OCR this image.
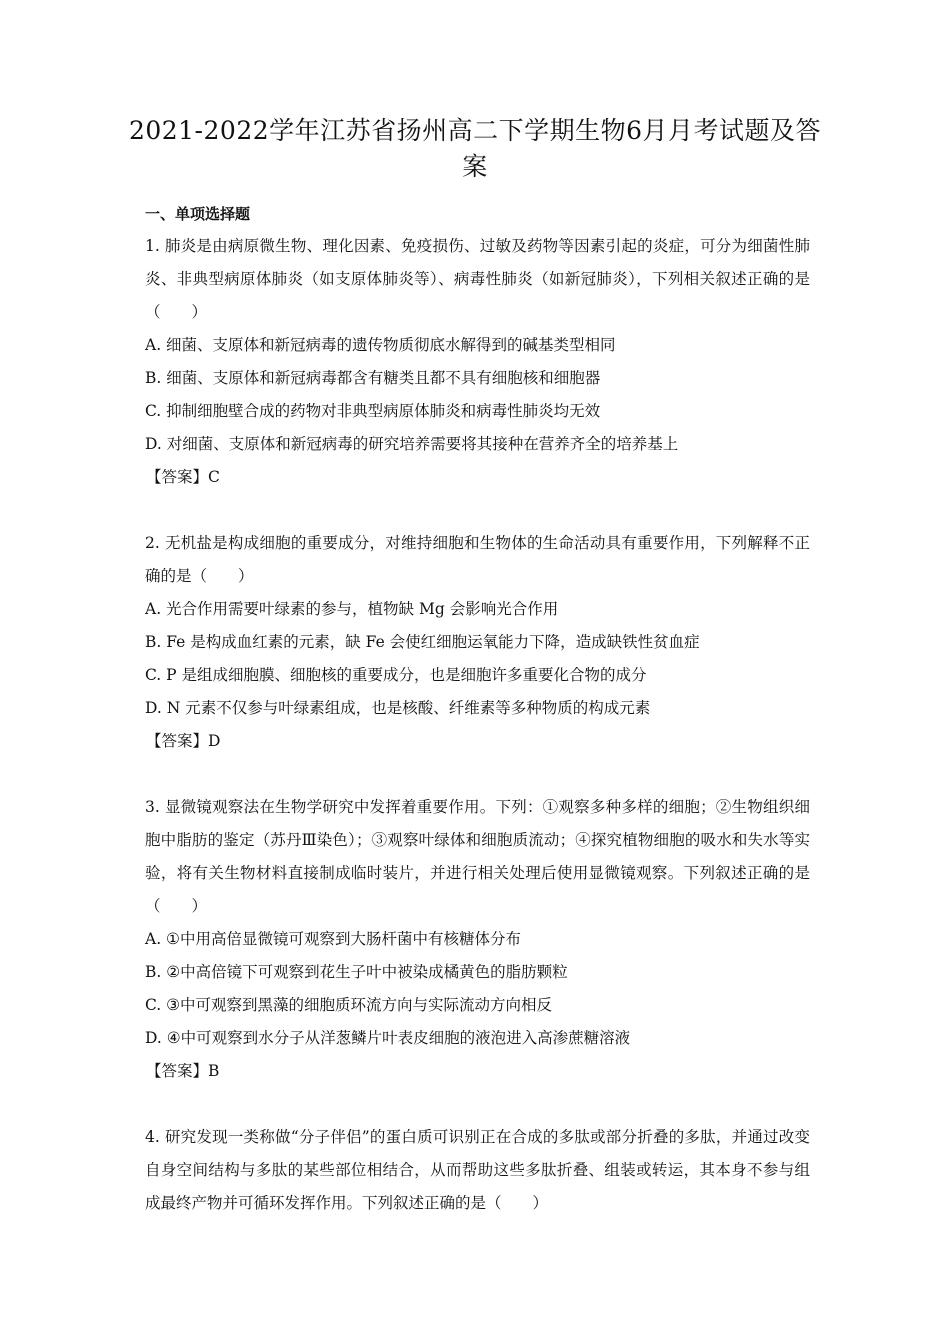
2021-2022学年江苏省扬州高二下学期生物6月月考试题及答案
一、单项选择题

1. 肺炎是由病原微生物、理化因素、免疫损伤、过敏及药物等因素引起的炎症，可分为细菌性肺炎、非典型病原体肺炎（如支原体肺炎等）、病毒性肺炎（如新冠肺炎），下列相关叙述正确的是（　　）

A. 细菌、支原体和新冠病毒的遗传物质彻底水解得到的碱基类型相同

B. 细菌、支原体和新冠病毒都含有糖类且都不具有细胞核和细胞器

C. 抑制细胞壁合成的药物对非典型病原体肺炎和病毒性肺炎均无效

D. 对细菌、支原体和新冠病毒的研究培养需要将其接种在营养齐全的培养基上

【答案】C

2. 无机盐是构成细胞的重要成分，对维持细胞和生物体的生命活动具有重要作用，下列解释不正确的是（　　）

A. 光合作用需要叶绿素的参与，植物缺 Mg 会影响光合作用

B. Fe 是构成血红素的元素，缺 Fe 会使红细胞运氧能力下降，造成缺铁性贫血症

C. P 是组成细胞膜、细胞核的重要成分，也是细胞许多重要化合物的成分

D. N 元素不仅参与叶绿素组成，也是核酸、纤维素等多种物质的构成元素

【答案】D

3. 显微镜观察法在生物学研究中发挥着重要作用。下列：①观察多种多样的细胞；②生物组织细胞中脂肪的鉴定（苏丹Ⅲ染色）；③观察叶绿体和细胞质流动；④探究植物细胞的吸水和失水等实验，将有关生物材料直接制成临时装片，并进行相关处理后使用显微镜观察。下列叙述正确的是（　　）

A. ①中用高倍显微镜可观察到大肠杆菌中有核糖体分布

B. ②中高倍镜下可观察到花生子叶中被染成橘黄色的脂肪颗粒

C. ③中可观察到黑藻的细胞质环流方向与实际流动方向相反

D. ④中可观察到水分子从洋葱鳞片叶表皮细胞的液泡进入高渗蔗糖溶液

【答案】B

4. 研究发现一类称做“分子伴侣”的蛋白质可识别正在合成的多肽或部分折叠的多肽，并通过改变自身空间结构与多肽的某些部位相结合，从而帮助这些多肽折叠、组装或转运，其本身不参与组成最终产物并可循环发挥作用。下列叙述正确的是（　　）
